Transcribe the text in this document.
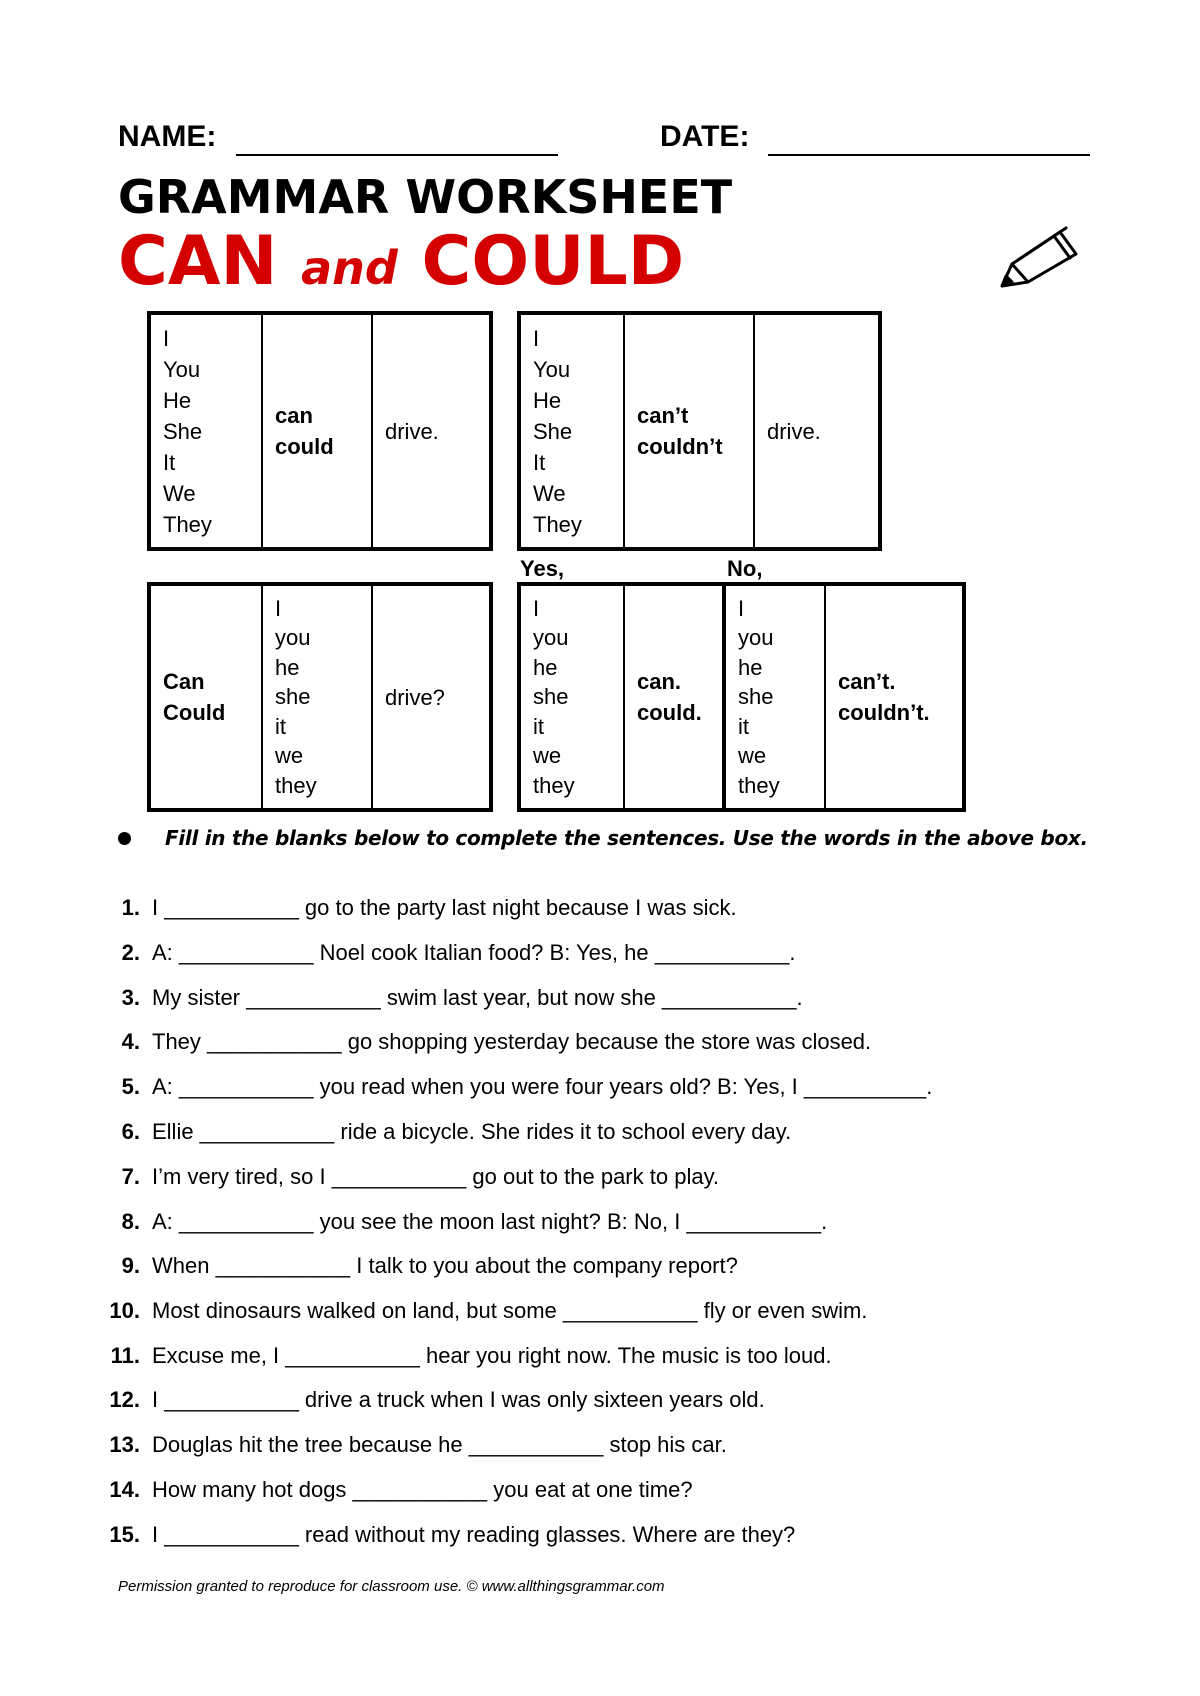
NAME:	DATE:
GRAMMAR WORKSHEET
CAN and COULD
I
You
He
She
It
We
They
can
could
drive.
I
You
He
She
It
We
They
can’t
couldn’t
drive.
Yes,	No,
Can
Could
I
you
he
she
it
we
they
drive?
I
you
he
she
it
we
they
can.
could.
I
you
he
she
it
we
they
can’t.
couldn’t.
Fill in the blanks below to complete the sentences. Use the words in the above box.
1. I ___________ go to the party last night because I was sick.
2. A: ___________ Noel cook Italian food? B: Yes, he ___________.
3. My sister ___________ swim last year, but now she ___________.
4. They ___________ go shopping yesterday because the store was closed.
5. A: ___________ you read when you were four years old? B: Yes, I __________.
6. Ellie ___________ ride a bicycle. She rides it to school every day.
7. I’m very tired, so I ___________ go out to the park to play.
8. A: ___________ you see the moon last night? B: No, I ___________.
9. When ___________ I talk to you about the company report?
10. Most dinosaurs walked on land, but some ___________ fly or even swim.
11. Excuse me, I ___________ hear you right now. The music is too loud.
12. I ___________ drive a truck when I was only sixteen years old.
13. Douglas hit the tree because he ___________ stop his car.
14. How many hot dogs ___________ you eat at one time?
15. I ___________ read without my reading glasses. Where are they?
Permission granted to reproduce for classroom use. © www.allthingsgrammar.com
